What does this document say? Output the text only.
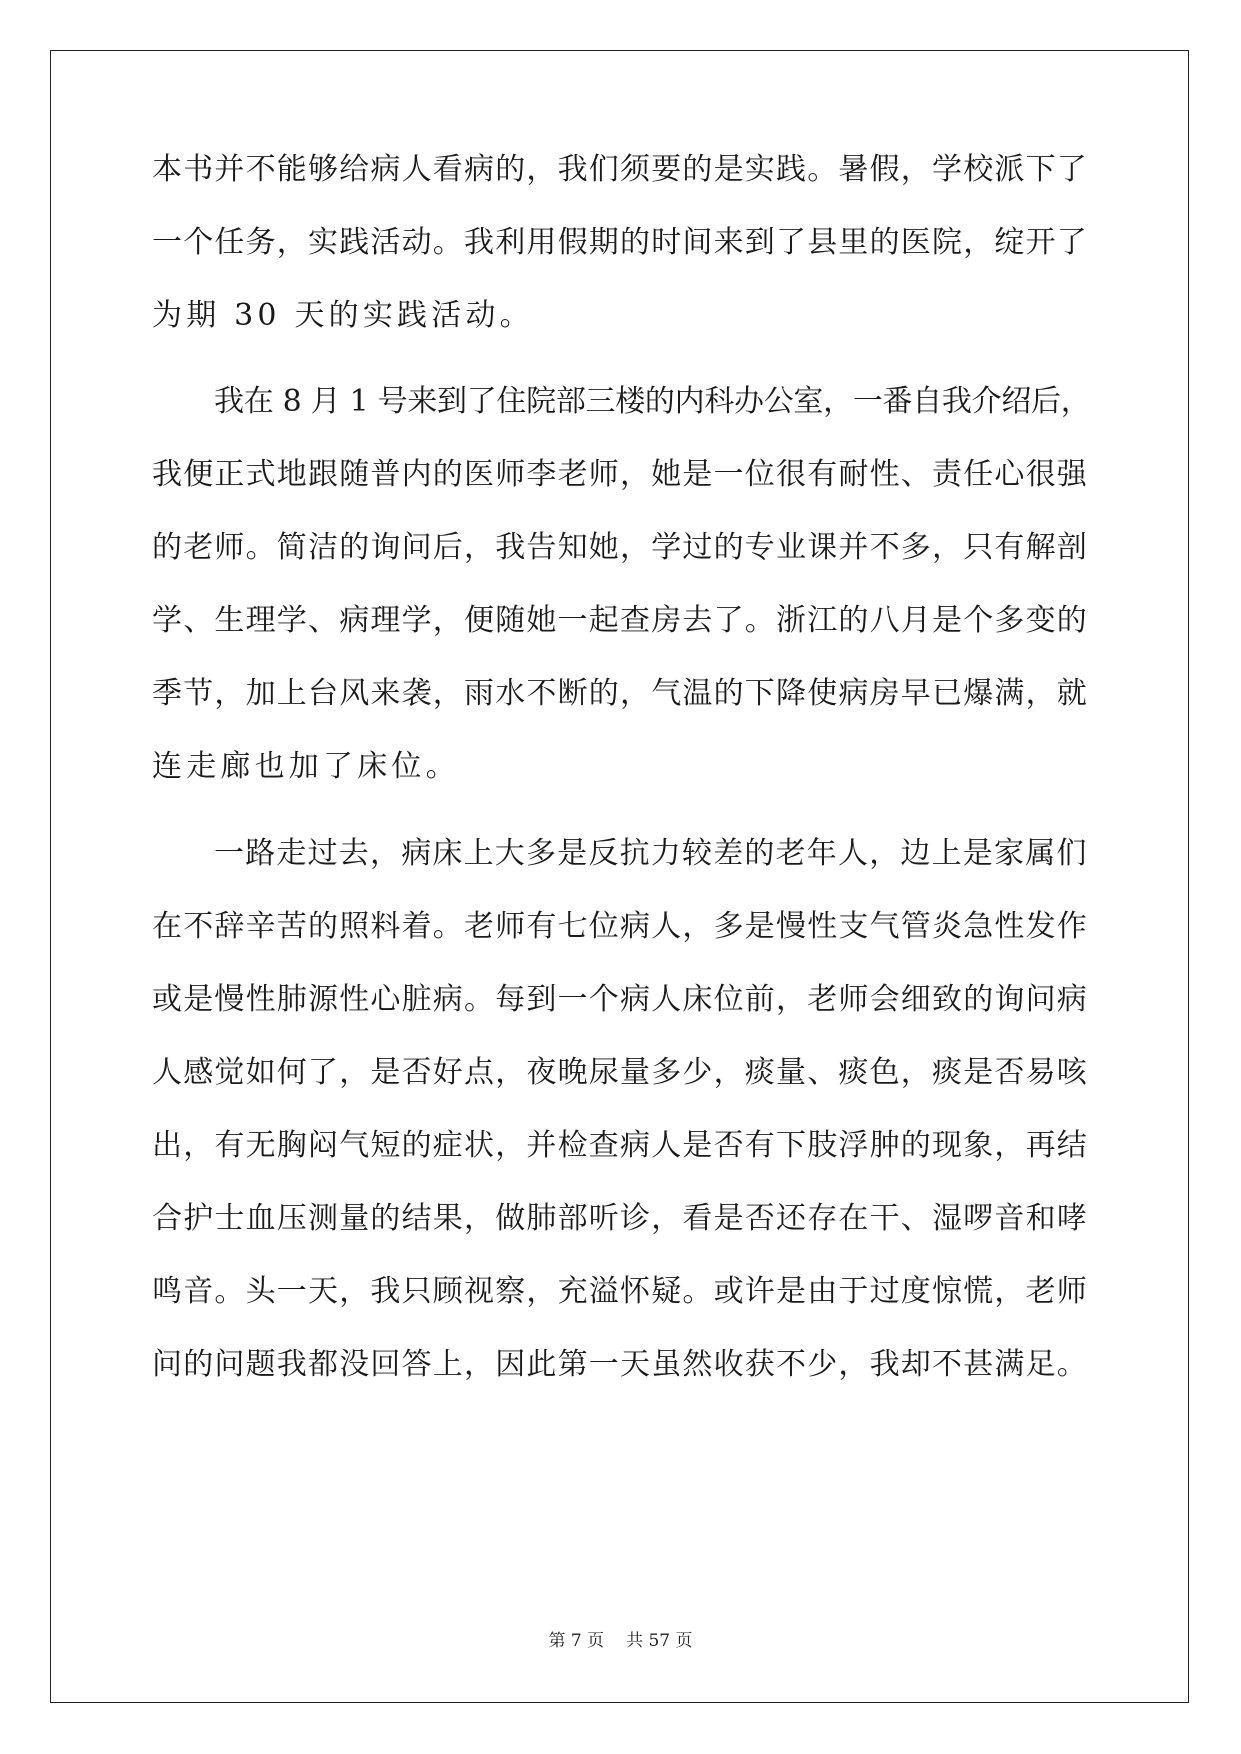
本书并不能够给病人看病的，我们须要的是实践。暑假，学校派下了
一个任务，实践活动。我利用假期的时间来到了县里的医院，绽开了
为期 30 天的实践活动。
我在 8 月 1 号来到了住院部三楼的内科办公室，一番自我介绍后，
我便正式地跟随普内的医师李老师，她是一位很有耐性、责任心很强
的老师。简洁的询问后，我告知她，学过的专业课并不多，只有解剖
学、生理学、病理学，便随她一起查房去了。浙江的八月是个多变的
季节，加上台风来袭，雨水不断的，气温的下降使病房早已爆满，就
连走廊也加了床位。
一路走过去，病床上大多是反抗力较差的老年人，边上是家属们
在不辞辛苦的照料着。老师有七位病人，多是慢性支气管炎急性发作
或是慢性肺源性心脏病。每到一个病人床位前，老师会细致的询问病
人感觉如何了，是否好点，夜晚尿量多少，痰量、痰色，痰是否易咳
出，有无胸闷气短的症状，并检查病人是否有下肢浮肿的现象，再结
合护士血压测量的结果，做肺部听诊，看是否还存在干、湿啰音和哮
鸣音。头一天，我只顾视察，充溢怀疑。或许是由于过度惊慌，老师
问的问题我都没回答上，因此第一天虽然收获不少，我却不甚满足。
第 7 页 共 57 页
